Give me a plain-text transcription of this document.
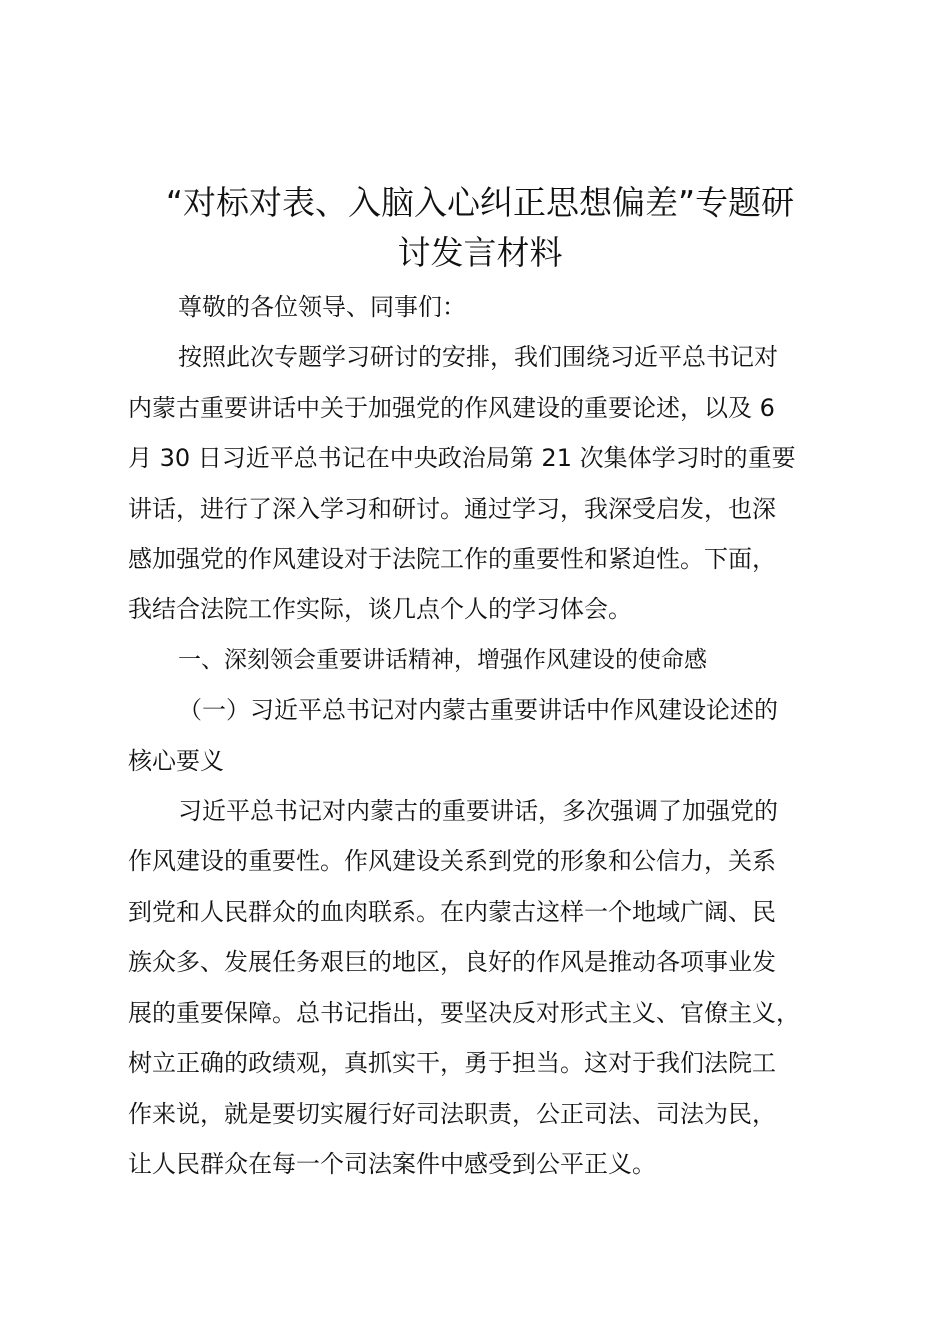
“对标对表、入脑入心纠正思想偏差”专题研
讨发言材料

尊敬的各位领导、同事们：

按照此次专题学习研讨的安排，我们围绕习近平总书记对
内蒙古重要讲话中关于加强党的作风建设的重要论述，以及 6
月 30 日习近平总书记在中央政治局第 21 次集体学习时的重要
讲话，进行了深入学习和研讨。通过学习，我深受启发，也深
感加强党的作风建设对于法院工作的重要性和紧迫性。下面，
我结合法院工作实际，谈几点个人的学习体会。

一、深刻领会重要讲话精神，增强作风建设的使命感

（一）习近平总书记对内蒙古重要讲话中作风建设论述的
核心要义

习近平总书记对内蒙古的重要讲话，多次强调了加强党的
作风建设的重要性。作风建设关系到党的形象和公信力，关系
到党和人民群众的血肉联系。在内蒙古这样一个地域广阔、民
族众多、发展任务艰巨的地区，良好的作风是推动各项事业发
展的重要保障。总书记指出，要坚决反对形式主义、官僚主义，
树立正确的政绩观，真抓实干，勇于担当。这对于我们法院工
作来说，就是要切实履行好司法职责，公正司法、司法为民，
让人民群众在每一个司法案件中感受到公平正义。
